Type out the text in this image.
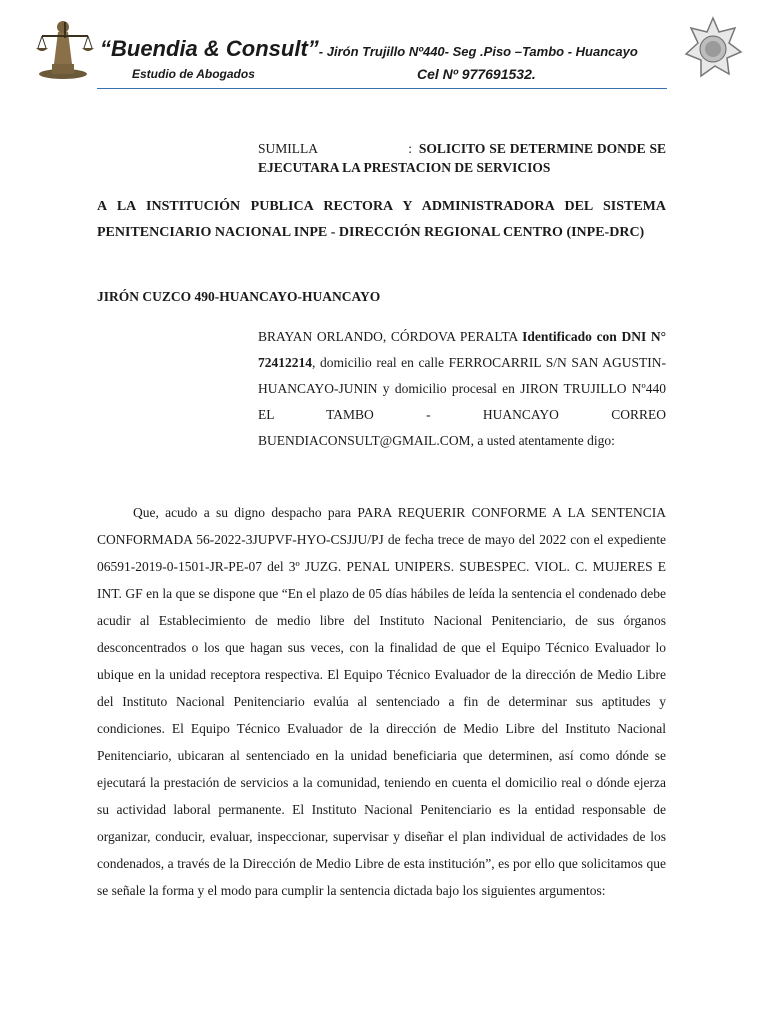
“Buendia & Consult”- Jirón Trujillo Nº440- Seg .Piso –Tambo - Huancayo
Estudio de Abogados	Cel Nº 977691532.
SUMILLA	: SOLICITO SE DETERMINE DONDE SE EJECUTARA LA PRESTACION DE SERVICIOS
A LA INSTITUCIÓN PUBLICA RECTORA Y ADMINISTRADORA DEL SISTEMA PENITENCIARIO NACIONAL INPE - DIRECCIÓN REGIONAL CENTRO (INPE-DRC)
JIRÓN CUZCO 490-HUANCAYO-HUANCAYO
BRAYAN ORLANDO, CÓRDOVA PERALTA Identificado con DNI N° 72412214, domicilio real en calle FERROCARRIL S/N SAN AGUSTIN-HUANCAYO-JUNIN y domicilio procesal en JIRON TRUJILLO Nº440 EL TAMBO - HUANCAYO	CORREO BUENDIACONSULT@GMAIL.COM, a usted atentamente digo:
Que, acudo a su digno despacho para PARA REQUERIR CONFORME A LA SENTENCIA CONFORMADA 56-2022-3JUPVF-HYO-CSJJU/PJ de fecha trece de mayo del 2022 con el expediente 06591-2019-0-1501-JR-PE-07 del 3º JUZG. PENAL UNIPERS. SUBESPEC. VIOL. C. MUJERES E INT. GF en la que se dispone que “En el plazo de 05 días hábiles de leída la sentencia el condenado debe acudir al Establecimiento de medio libre del Instituto Nacional Penitenciario, de sus órganos desconcentrados o los que hagan sus veces, con la finalidad de que el Equipo Técnico Evaluador lo ubique en la unidad receptora respectiva. El Equipo Técnico Evaluador de la dirección de Medio Libre del Instituto Nacional Penitenciario evalúa al sentenciado a fin de determinar sus aptitudes y condiciones. El Equipo Técnico Evaluador de la dirección de Medio Libre del Instituto Nacional Penitenciario, ubicaran al sentenciado en la unidad beneficiaria que determinen, así como dónde se ejecutará la prestación de servicios a la comunidad, teniendo en cuenta el domicilio real o dónde ejerza su actividad laboral permanente. El Instituto Nacional Penitenciario es la entidad responsable de organizar, conducir, evaluar, inspeccionar, supervisar y diseñar el plan individual de actividades de los condenados, a través de la Dirección de Medio Libre de esta institución”, es por ello que solicitamos que se señale la forma y el modo para cumplir la sentencia dictada bajo los siguientes argumentos:
